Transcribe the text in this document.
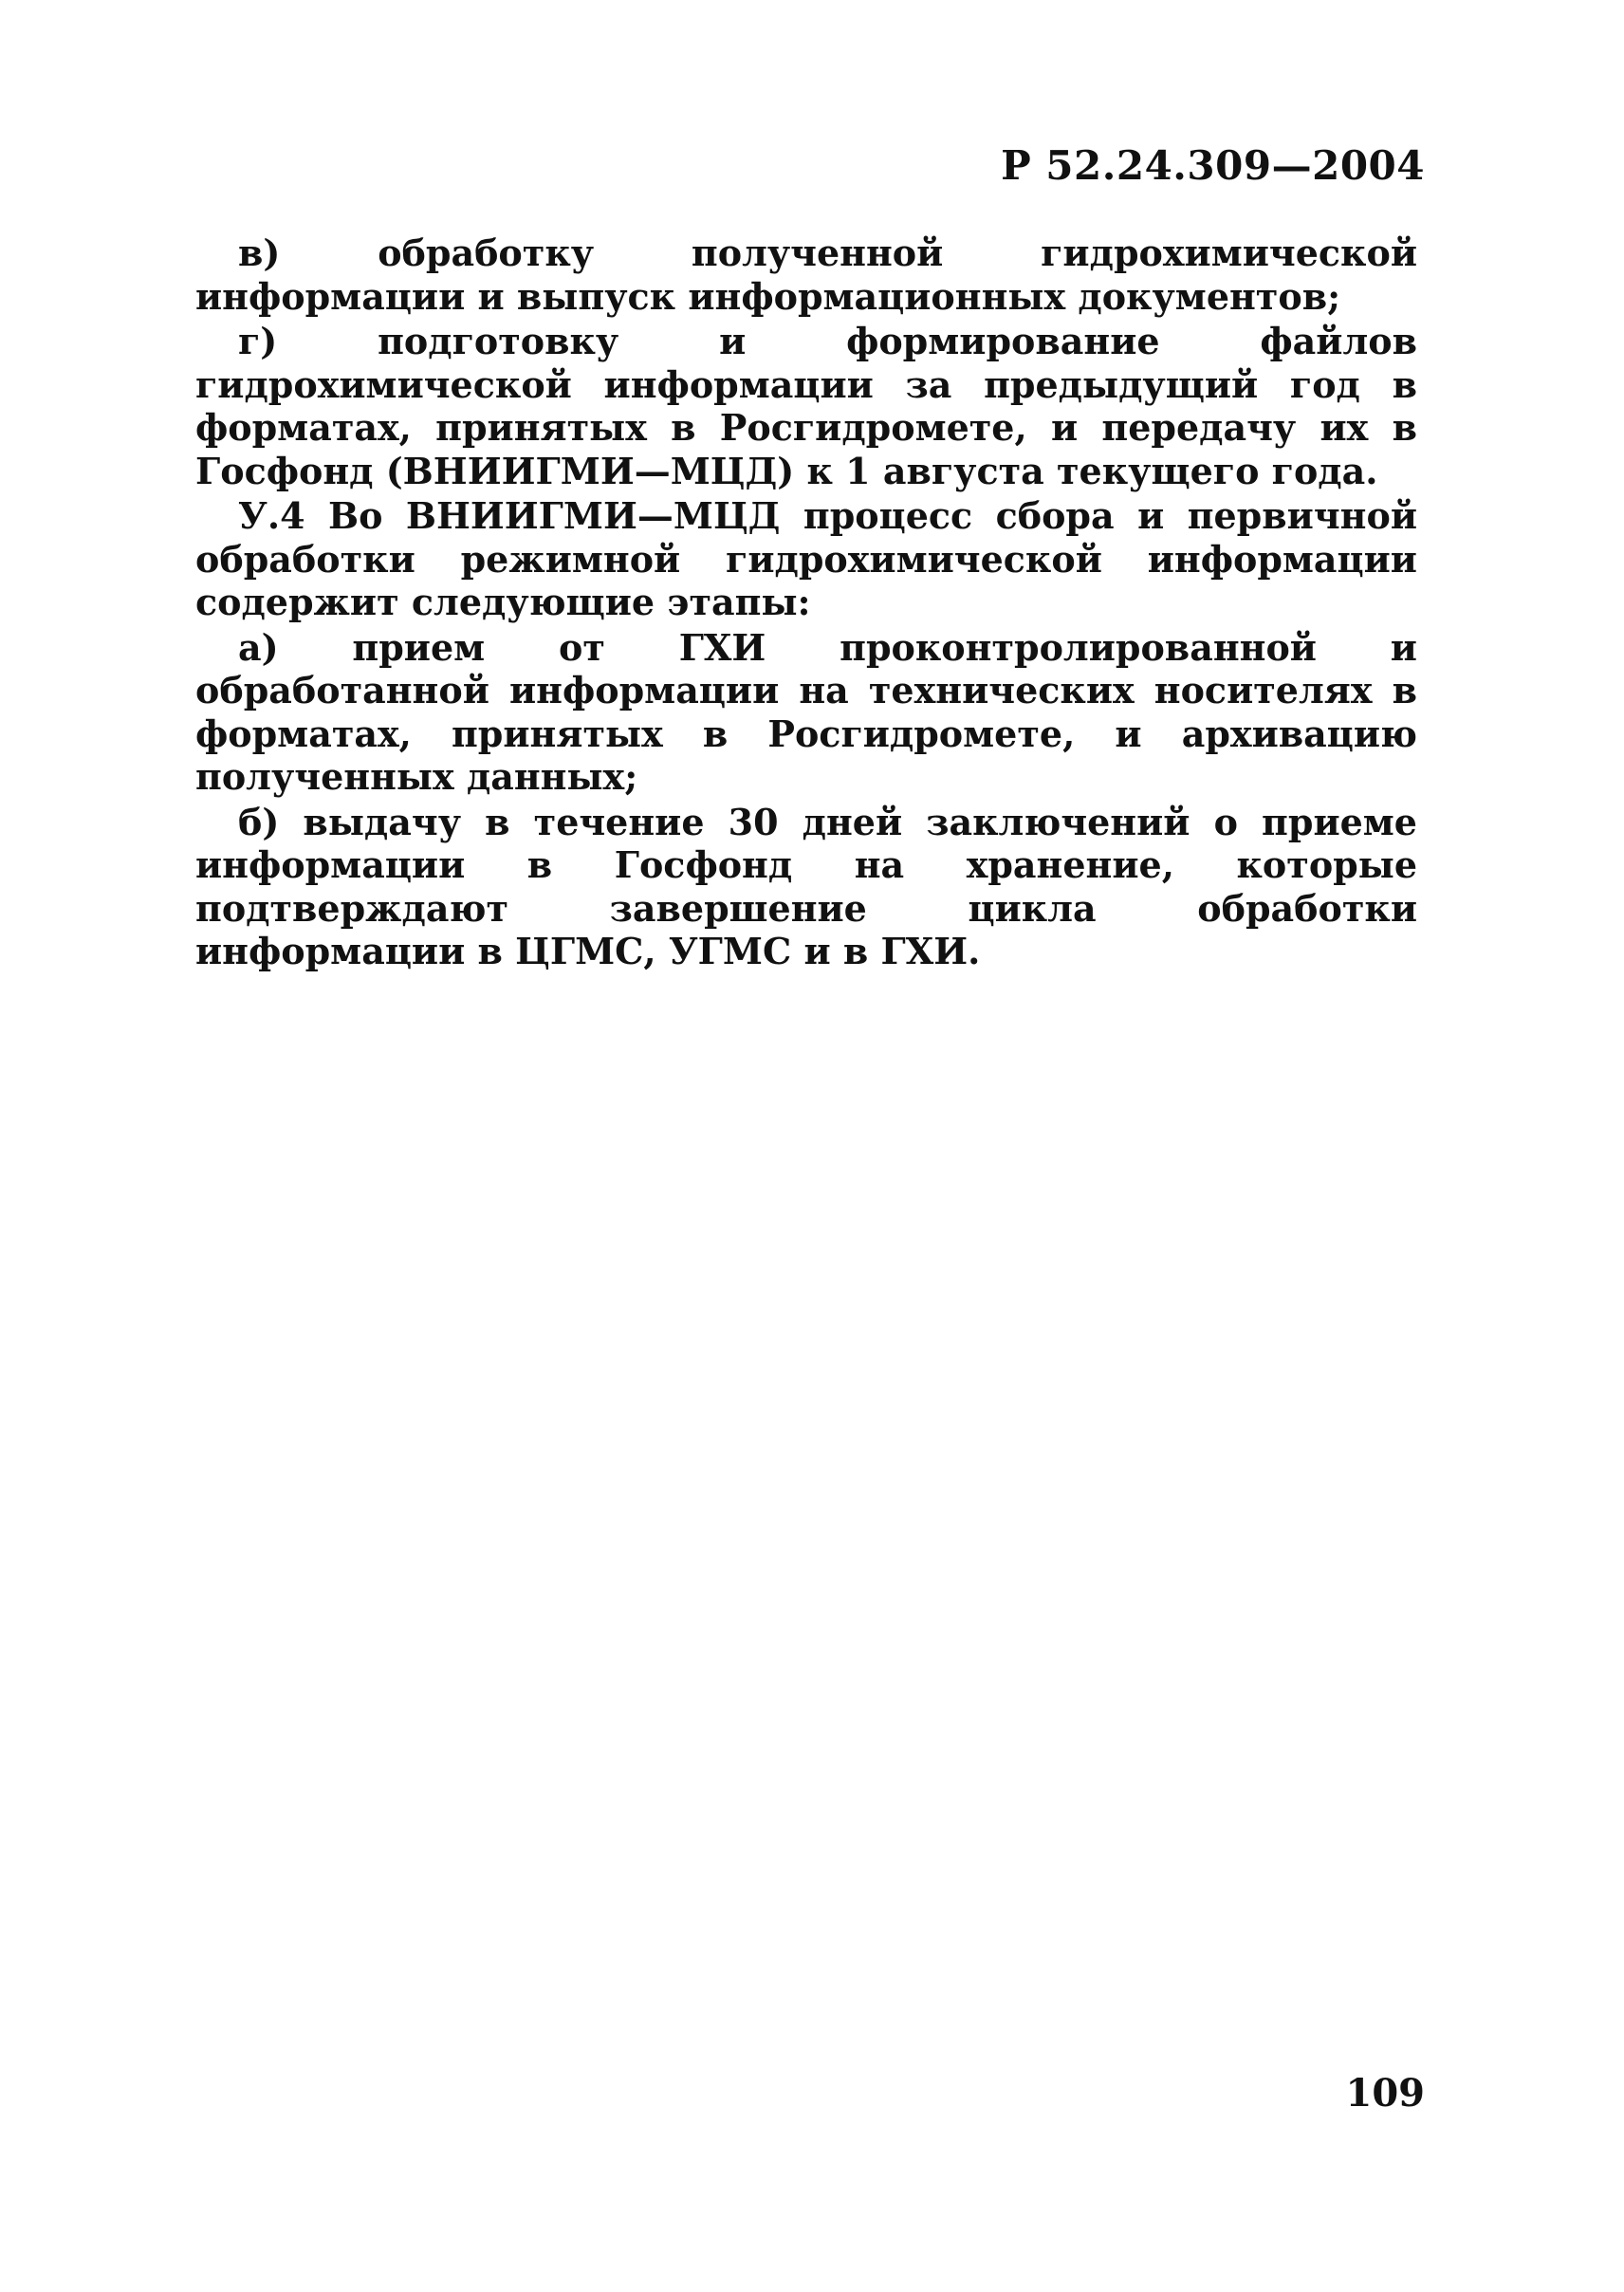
Р 52.24.309—2004

в) обработку полученной гидрохимической информации и выпуск информационных документов;

г) подготовку и формирование файлов гидрохимической информации за предыдущий год в форматах, принятых в Росгидромете, и передачу их в Госфонд (ВНИИГМИ—МЦД) к 1 августа текущего года.

У.4 Во ВНИИГМИ—МЦД процесс сбора и первичной обработки режимной гидрохимической информации содержит следующие этапы:

а) прием от ГХИ проконтролированной и обработанной информации на технических носителях в форматах, принятых в Росгидромете, и архивацию полученных данных;

б) выдачу в течение 30 дней заключений о приеме информации в Госфонд на хранение, которые подтверждают завершение цикла обработки информации в ЦГМС, УГМС и в ГХИ.

109
